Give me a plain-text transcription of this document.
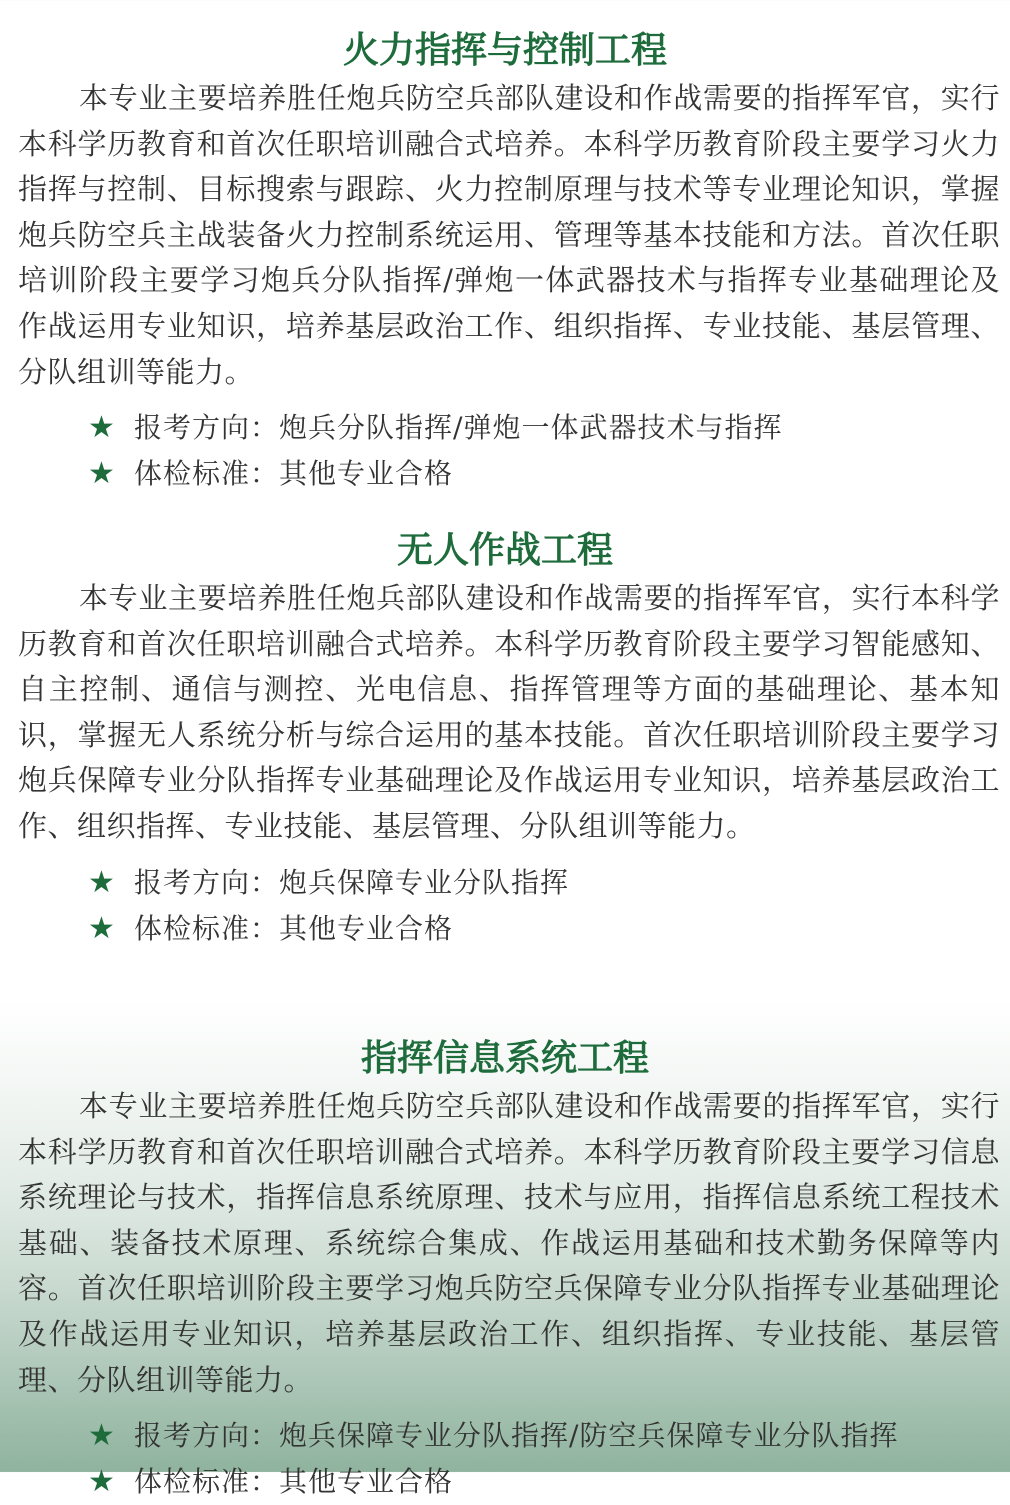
火力指挥与控制工程

本专业主要培养胜任炮兵防空兵部队建设和作战需要的指挥军官，实行本科学历教育和首次任职培训融合式培养。本科学历教育阶段主要学习火力指挥与控制、目标搜索与跟踪、火力控制原理与技术等专业理论知识，掌握炮兵防空兵主战装备火力控制系统运用、管理等基本技能和方法。首次任职培训阶段主要学习炮兵分队指挥/弹炮一体武器技术与指挥专业基础理论及作战运用专业知识，培养基层政治工作、组织指挥、专业技能、基层管理、分队组训等能力。

★ 报考方向：炮兵分队指挥/弹炮一体武器技术与指挥
★ 体检标准：其他专业合格
无人作战工程

本专业主要培养胜任炮兵部队建设和作战需要的指挥军官，实行本科学历教育和首次任职培训融合式培养。本科学历教育阶段主要学习智能感知、自主控制、通信与测控、光电信息、指挥管理等方面的基础理论、基本知识，掌握无人系统分析与综合运用的基本技能。首次任职培训阶段主要学习炮兵保障专业分队指挥专业基础理论及作战运用专业知识，培养基层政治工作、组织指挥、专业技能、基层管理、分队组训等能力。

★ 报考方向：炮兵保障专业分队指挥
★ 体检标准：其他专业合格
指挥信息系统工程

本专业主要培养胜任炮兵防空兵部队建设和作战需要的指挥军官，实行本科学历教育和首次任职培训融合式培养。本科学历教育阶段主要学习信息系统理论与技术，指挥信息系统原理、技术与应用，指挥信息系统工程技术基础、装备技术原理、系统综合集成、作战运用基础和技术勤务保障等内容。首次任职培训阶段主要学习炮兵防空兵保障专业分队指挥专业基础理论及作战运用专业知识，培养基层政治工作、组织指挥、专业技能、基层管理、分队组训等能力。

★ 报考方向：炮兵保障专业分队指挥/防空兵保障专业分队指挥
★ 体检标准：其他专业合格
